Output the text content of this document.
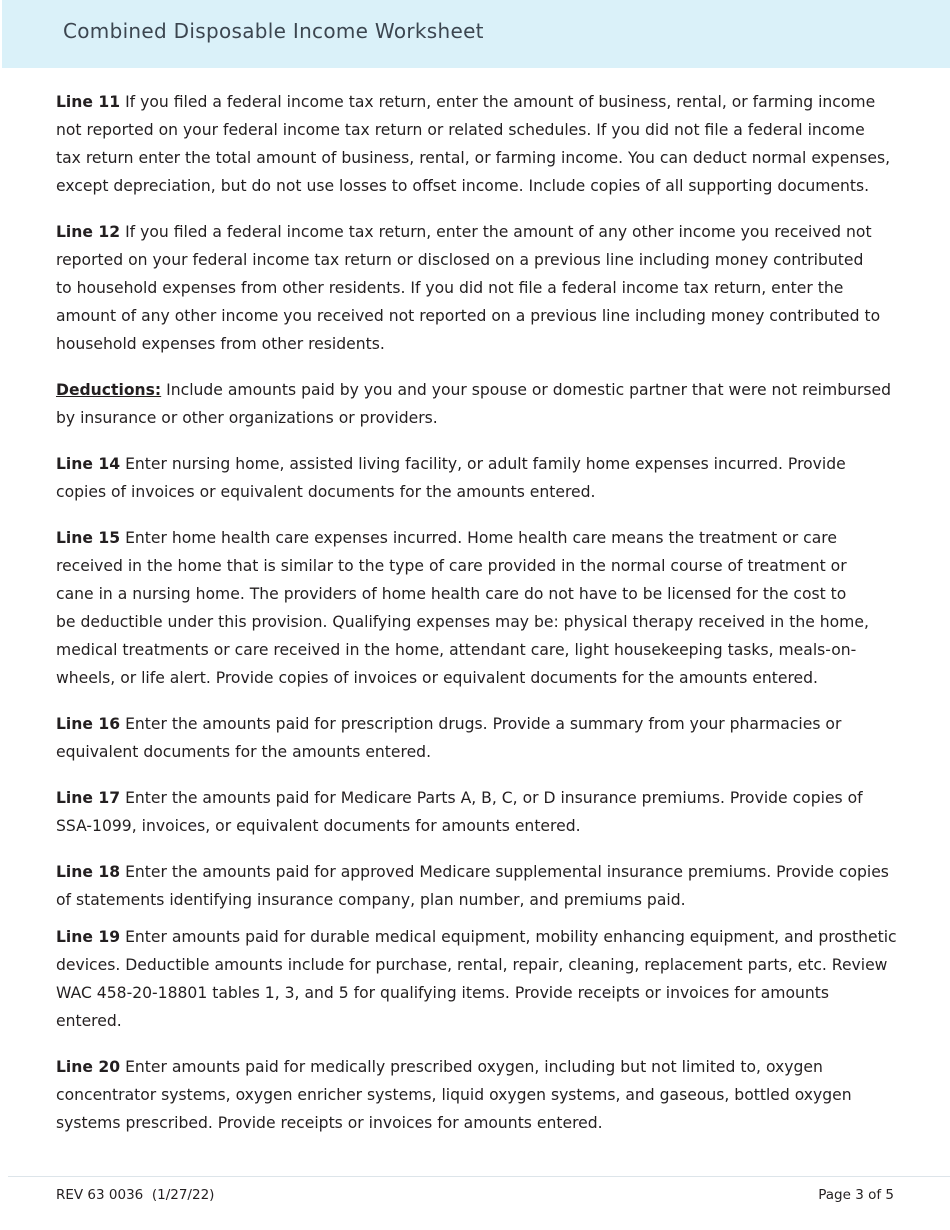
Combined Disposable Income Worksheet

Line 11 If you filed a federal income tax return, enter the amount of business, rental, or farming income
not reported on your federal income tax return or related schedules. If you did not file a federal income
tax return enter the total amount of business, rental, or farming income. You can deduct normal expenses,
except depreciation, but do not use losses to offset income. Include copies of all supporting documents.

Line 12 If you filed a federal income tax return, enter the amount of any other income you received not
reported on your federal income tax return or disclosed on a previous line including money contributed
to household expenses from other residents. If you did not file a federal income tax return, enter the
amount of any other income you received not reported on a previous line including money contributed to
household expenses from other residents.

Deductions: Include amounts paid by you and your spouse or domestic partner that were not reimbursed
by insurance or other organizations or providers.

Line 14 Enter nursing home, assisted living facility, or adult family home expenses incurred. Provide
copies of invoices or equivalent documents for the amounts entered.

Line 15 Enter home health care expenses incurred. Home health care means the treatment or care
received in the home that is similar to the type of care provided in the normal course of treatment or
cane in a nursing home. The providers of home health care do not have to be licensed for the cost to
be deductible under this provision. Qualifying expenses may be: physical therapy received in the home,
medical treatments or care received in the home, attendant care, light housekeeping tasks, meals-on-
wheels, or life alert. Provide copies of invoices or equivalent documents for the amounts entered.

Line 16 Enter the amounts paid for prescription drugs. Provide a summary from your pharmacies or
equivalent documents for the amounts entered.

Line 17 Enter the amounts paid for Medicare Parts A, B, C, or D insurance premiums. Provide copies of
SSA-1099, invoices, or equivalent documents for amounts entered.

Line 18 Enter the amounts paid for approved Medicare supplemental insurance premiums. Provide copies
of statements identifying insurance company, plan number, and premiums paid.

Line 19 Enter amounts paid for durable medical equipment, mobility enhancing equipment, and prosthetic
devices. Deductible amounts include for purchase, rental, repair, cleaning, replacement parts, etc. Review
WAC 458-20-18801 tables 1, 3, and 5 for qualifying items. Provide receipts or invoices for amounts
entered.

Line 20 Enter amounts paid for medically prescribed oxygen, including but not limited to, oxygen
concentrator systems, oxygen enricher systems, liquid oxygen systems, and gaseous, bottled oxygen
systems prescribed. Provide receipts or invoices for amounts entered.

REV 63 0036  (1/27/22)	Page 3 of 5
